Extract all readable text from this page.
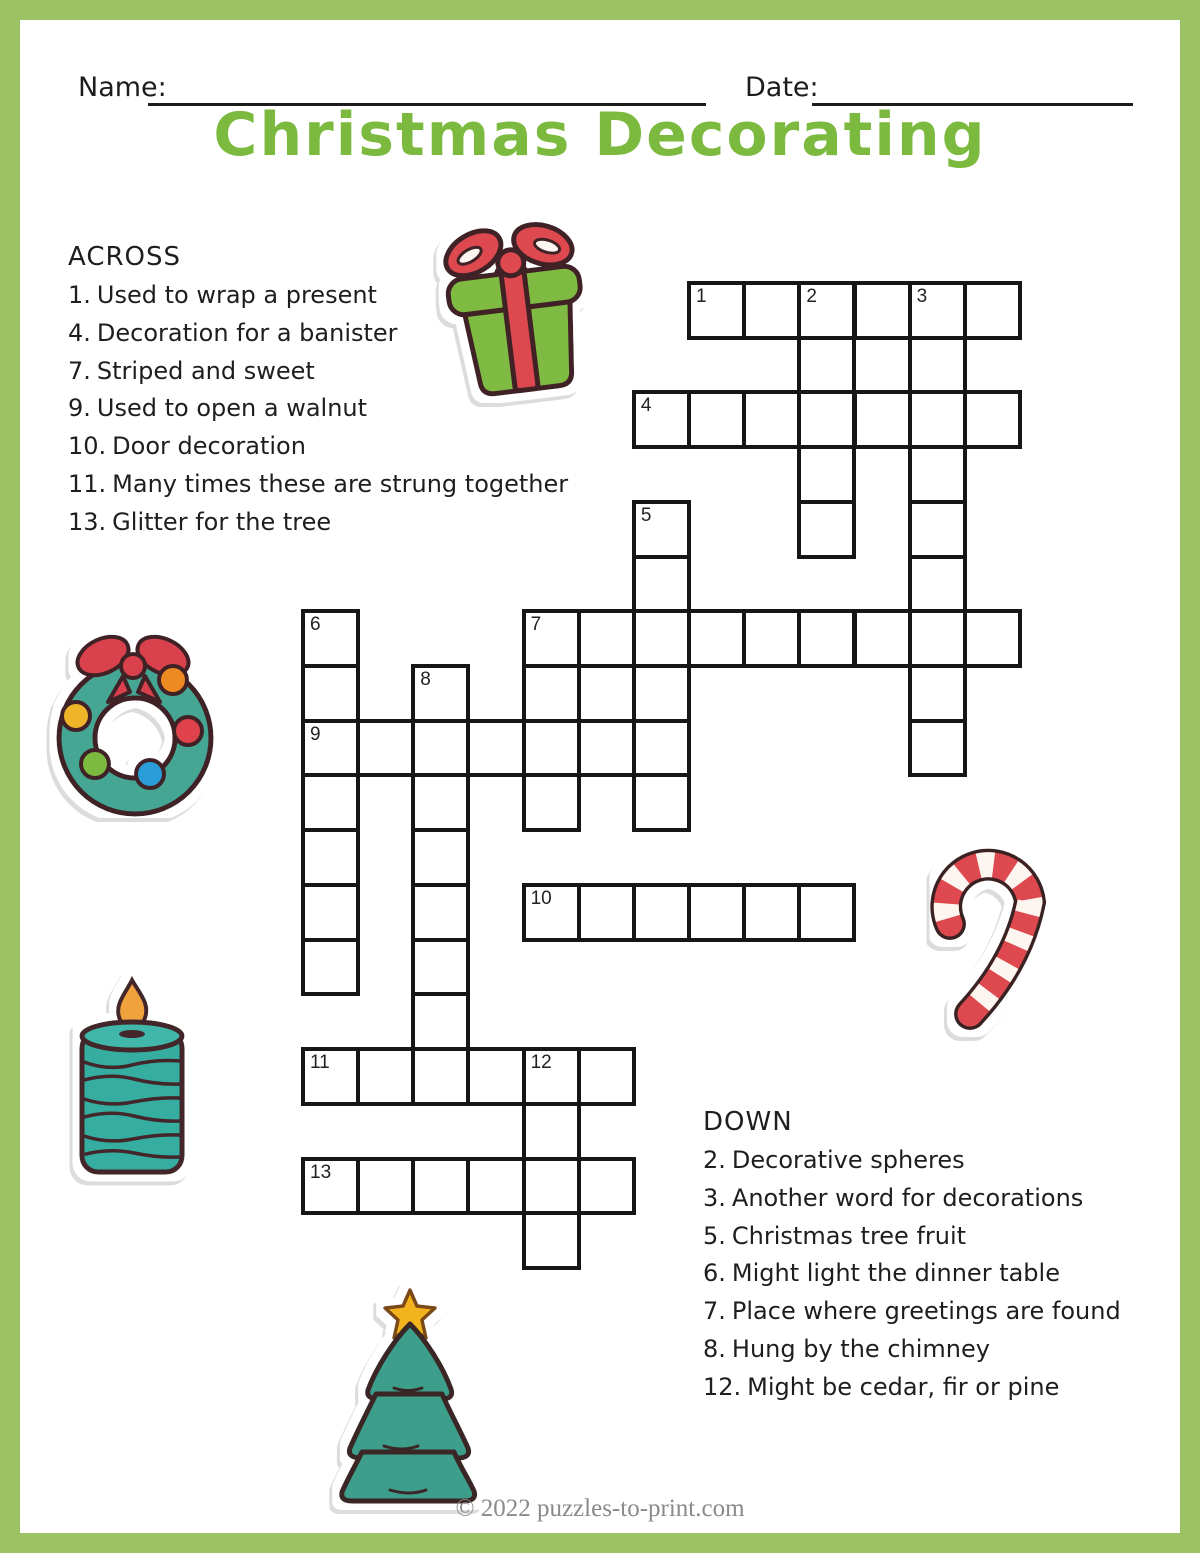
Name:	Date:
Christmas Decorating
ACROSS
1. Used to wrap a present
4. Decoration for a banister
7. Striped and sweet
9. Used to open a walnut
10. Door decoration
11. Many times these are strung together
13. Glitter for the tree
DOWN
2. Decorative spheres
3. Another word for decorations
5. Christmas tree fruit
6. Might light the dinner table
7. Place where greetings are found
8. Hung by the chimney
12. Might be cedar, fir or pine
1	2	3
4
7
9
10
11	12
13
5
6
8
© 2022 puzzles-to-print.com
